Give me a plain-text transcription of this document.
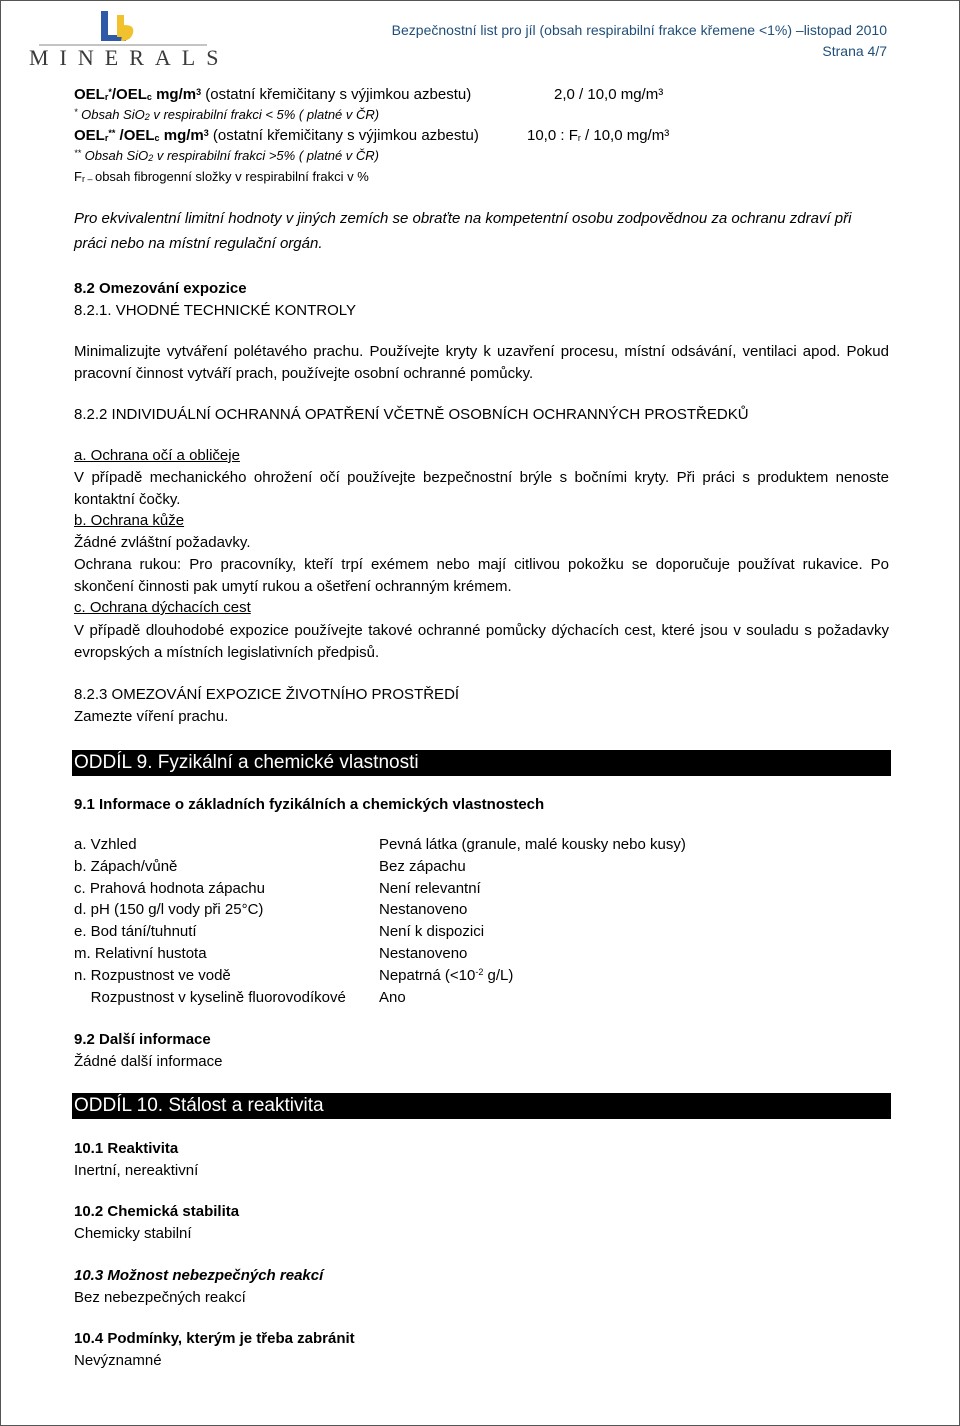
MINERALS
Bezpečnostní list pro jíl (obsah respirabilní frakce křemene <1%) –listopad 2010
Strana 4/7
$OEL_r^*/OEL_c$ $mg/m^3$ (ostatní křemičitany s výjimkou azbestu)	2,0 / 10,0 mg/m³
* Obsah SiO$_2$ v respirabilní frakci < 5% ( platné v ČR)
$OEL_r^{**}$ $/OEL_c$ $mg/m^3$ (ostatní křemičitany s výjimkou azbestu)	10,0 : $F_r / 10,0$ mg/m³
** Obsah SiO$_2$ v respirabilní frakci >5% ( platné v ČR)
$F_{r -}$ obsah fibrogenní složky v respirabilní frakci v %
Pro ekvivalentní limitní hodnoty v jiných zemích se obraťte na kompetentní osobu zodpovědnou za ochranu zdraví při práci nebo na místní regulační orgán.
8.2 Omezování expozice
8.2.1. VHODNÉ TECHNICKÉ KONTROLY
Minimalizujte vytváření polétavého prachu. Používejte kryty k uzavření procesu, místní odsávání, ventilaci apod. Pokud pracovní činnost vytváří prach, používejte osobní ochranné pomůcky.
8.2.2 INDIVIDUÁLNÍ OCHRANNÁ OPATŘENÍ VČETNĚ OSOBNÍCH OCHRANNÝCH PROSTŘEDKŮ
a. Ochrana očí a obličeje
V případě mechanického ohrožení očí používejte bezpečnostní brýle s bočními kryty. Při práci s produktem nenoste kontaktní čočky.
b. Ochrana kůže
Žádné zvláštní požadavky.
Ochrana rukou: Pro pracovníky, kteří trpí exémem nebo mají citlivou pokožku se doporučuje používat rukavice. Po skončení činnosti pak umytí rukou a ošetření ochranným krémem.
c. Ochrana dýchacích cest
V případě dlouhodobé expozice používejte takové ochranné pomůcky dýchacích cest, které jsou v souladu s požadavky evropských a místních legislativních předpisů.
8.2.3 OMEZOVÁNÍ EXPOZICE ŽIVOTNÍHO PROSTŘEDÍ
Zamezte víření prachu.
ODDÍL 9. Fyzikální a chemické vlastnosti
9.1 Informace o základních fyzikálních a chemických vlastnostech
a. Vzhled	Pevná látka (granule, malé kousky nebo kusy)
b. Zápach/vůně	Bez zápachu
c. Prahová hodnota zápachu	Není relevantní
d. pH (150 g/l vody při 25°C)	Nestanoveno
e. Bod tání/tuhnutí	Není k dispozici
m. Relativní hustota	Nestanoveno
n. Rozpustnost ve vodě	Nepatrná ($<10^{-2}$ g/L)
Rozpustnost v kyselině fluorovodíkové Ano
9.2 Další informace
Žádné další informace
ODDÍL 10. Stálost a reaktivita
10.1 Reaktivita
Inertní, nereaktivní
10.2 Chemická stabilita
Chemicky stabilní
10.3 Možnost nebezpečných reakcí
Bez nebezpečných reakcí
10.4 Podmínky, kterým je třeba zabránit
Nevýznamné
